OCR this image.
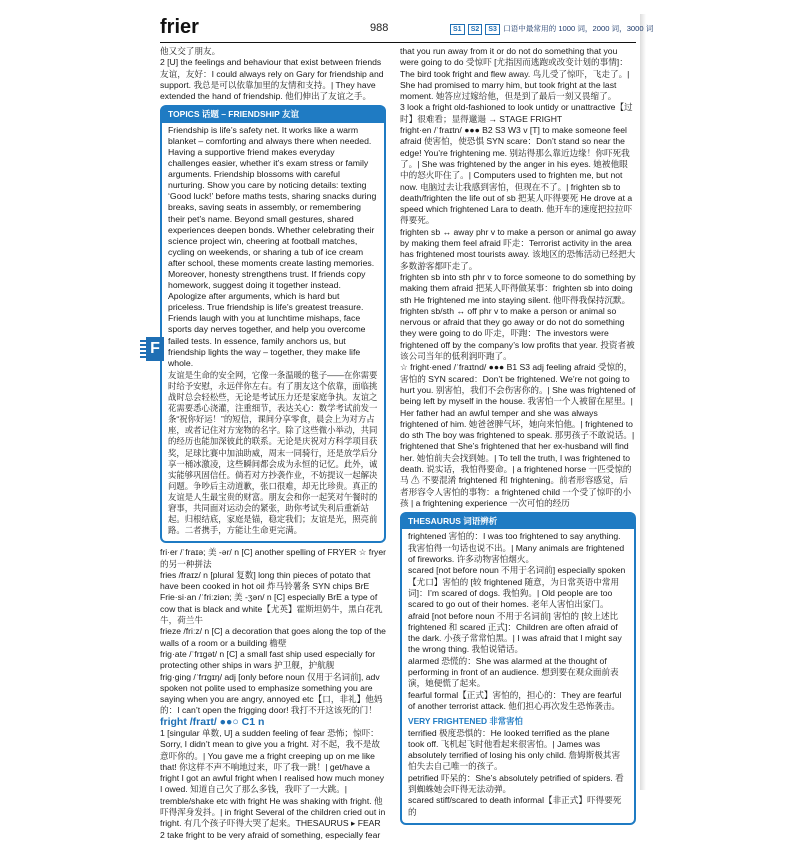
frier	988	S1 S2 S3 口语中最常用的 1000 词，2000 词，3000 词

他又交了朋友。

2 [U] the feelings and behaviour that exist between friends 友谊，友好：I could always rely on Gary for friendship and support. 我总是可以依靠加里的友情和支持。| They have extended the hand of friendship. 他们伸出了友谊之手。

TOPICS 话题 – FRIENDSHIP 友谊
Friendship is life’s safety net. It works like a warm blanket – comforting and always there when needed. Having a supportive friend makes everyday challenges easier, whether it’s exam stress or family arguments. Friendship blossoms with careful nurturing. Show you care by noticing details: texting ‘Good luck!’ before maths tests, sharing snacks during breaks, saving seats in assembly, or remembering their pet’s name. Beyond small gestures, shared experiences deepen bonds. Whether celebrating their science project win, cheering at football matches, cycling on weekends, or sharing a tub of ice cream after school, these moments create lasting memories. Moreover, honesty strengthens trust. If friends copy homework, suggest doing it together instead. Apologize after arguments, which is hard but priceless. True friendship is life’s greatest treasure. Friends laugh with you at lunchtime mishaps, face sports day nerves together, and help you overcome failed tests. In essence, family anchors us, but friendship lights the way – together, they make life whole.
友谊是生命的安全网，它像一条温暖的毯子——在你需要时给予安慰，永远伴你左右。有了朋友这个依靠，面临挑战时总会轻松些，无论是考试压力还是家庭争执。友谊之花需要悉心浇灌，注重细节，表达关心：数学考试前发一条“祝你好运！”的短信，课间分享零食，晨会上为对方占座，或者记住对方宠物的名字。除了这些微小举动，共同的经历也能加深彼此的联系。无论是庆祝对方科学项目获奖，足球比赛中加油助威，周末一同骑行，还是放学后分享一桶冰激凌，这些瞬间都会成为永恒的记忆。此外，诚实能够巩固信任。倘若对方抄袭作业，不妨提议一起解决问题。争吵后主动道歉，张口很难，却无比珍贵。真正的友谊是人生最宝贵的财富。朋友会和你一起笑对午餐时的窘事，共同面对运动会的紧张，助你考试失利后重新站起。归根结底，家庭是锚，稳定我们；友谊是光，照亮前路。二者携手，方能让生命更完满。

fri·er /ˈfraɪə; 美 -ər/ n [C] another spelling of FRYER ☆ fryer 的另一种拼法

fries /fraɪz/ n [plural 复数] long thin pieces of potato that have been cooked in hot oil 炸马铃薯条 SYN chips BrE

Frie·si·an /ˈfriːziən; 美 -ʒən/ n [C] especially BrE a type of cow that is black and white【尤英】霍斯坦奶牛，黑白花乳牛，荷兰牛

frieze /friːz/ n [C] a decoration that goes along the top of the walls of a room or a building 檐壁

frig·ate /ˈfrɪgət/ n [C] a small fast ship used especially for protecting other ships in wars 护卫舰，护航舰

frig·ging /ˈfrɪgɪŋ/ adj [only before noun 仅用于名词前], adv spoken not polite used to emphasize something you are saying when you are angry, annoyed etc【口，非礼】他妈的：I can’t open the frigging door! 我打不开这该死的门！

fright /fraɪt/ ●●○ C1 n

1 [singular 单数, U] a sudden feeling of fear 恐怖；惊吓：Sorry, I didn’t mean to give you a fright. 对不起，我不是故意吓你的。| You gave me a fright creeping up on me like that! 你这样不声不响地过来，吓了我一跳！| get/have a fright I got an awful fright when I realised how much money I owed. 知道自己欠了那么多钱，我吓了一大跳。| tremble/shake etc with fright He was shaking with fright. 他吓得浑身发抖。| in fright Several of the children cried out in fright. 有几个孩子吓得大哭了起来。THESAURUS ▸ FEAR

2 take fright to be very afraid of something, especially fear

that you run away from it or do not do something that you were going to do 受惊吓 [尤指因而逃跑或改变计划的事情]：The bird took fright and flew away. 鸟儿受了惊吓，飞走了。| She had promised to marry him, but took fright at the last moment. 她答应过嫁给他，但是到了最后一刻又畏缩了。

3 look a fright old-fashioned to look untidy or unattractive【过时】很难看；显得邋遢 → STAGE FRIGHT

fright·en /ˈfraɪtn/ ●●● B2 S3 W3 v [T] to make someone feel afraid 使害怕，使恐惧 SYN scare：Don’t stand so near the edge! You’re frightening me. 别站得那么靠近边缘！你吓死我了。| She was frightened by the anger in his eyes. 她被他眼中的怒火吓住了。| Computers used to frighten me, but not now. 电脑过去让我感到害怕，但现在不了。| frighten sb to death/frighten the life out of sb 把某人吓得要死 He drove at a speed which frightened Lara to death. 他开车的速度把拉拉吓得要死。

frighten sb ↔ away phr v to make a person or animal go away by making them feel afraid 吓走：Terrorist activity in the area has frightened most tourists away. 该地区的恐怖活动已经把大多数游客都吓走了。

frighten sb into sth phr v to force someone to do something by making them afraid 把某人吓得做某事：frighten sb into doing sth He frightened me into staying silent. 他吓得我保持沉默。

frighten sb/sth ↔ off phr v to make a person or animal so nervous or afraid that they go away or do not do something they were going to do 吓走，吓跑：The investors were frightened off by the company’s low profits that year. 投资者被该公司当年的低利润吓跑了。

☆ fright·ened /ˈfraɪtnd/ ●●● B1 S3 adj feeling afraid 受惊的，害怕的 SYN scared：Don’t be frightened. We’re not going to hurt you. 别害怕，我们不会伤害你的。| She was frightened of being left by myself in the house. 我害怕一个人被留在屋里。| Her father had an awful temper and she was always frightened of him. 她爸爸脾气坏，她向来怕他。| frightened to do sth The boy was frightened to speak. 那男孩子不敢说话。| frightened that She’s frightened that her ex-husband will find her. 她怕前夫会找到她。| To tell the truth, I was frightened to death. 说实话，我怕得要命。| a frightened horse 一匹受惊的马 ⚠ 不要混淆 frightened 和 frightening。前者形容感觉，后者形容令人害怕的事物：a frightened child 一个受了惊吓的小孩 | a frightening experience 一次可怕的经历

THESAURUS 词语辨析

frightened 害怕的：I was too frightened to say anything. 我害怕得一句话也说不出。| Many animals are frightened of fireworks. 许多动物害怕烟火。

scared [not before noun 不用于名词前] especially spoken【尤口】害怕的 [较 frightened 随意，为日常英语中常用词]：I’m scared of dogs. 我怕狗。| Old people are too scared to go out of their homes. 老年人害怕出家门。

afraid [not before noun 不用于名词前] 害怕的 [较上述比 frightened 和 scared 正式]：Children are often afraid of the dark. 小孩子常常怕黑。| I was afraid that I might say the wrong thing. 我怕说错话。

alarmed 恐慌的：She was alarmed at the thought of performing in front of an audience. 想到要在观众面前表演，她便慌了起来。

fearful formal【正式】害怕的，担心的：They are fearful of another terrorist attack. 他们担心再次发生恐怖袭击。

VERY FRIGHTENED 非常害怕

terrified 极度恐惧的：He looked terrified as the plane took off. 飞机起飞时他看起来很害怕。| James was absolutely terrified of losing his only child. 詹姆斯极其害怕失去自己唯一的孩子。

petrified 吓呆的：She’s absolutely petrified of spiders. 看到蜘蛛她会吓得无法动弹。

scared stiff/scared to death informal【非正式】吓得要死的

F
